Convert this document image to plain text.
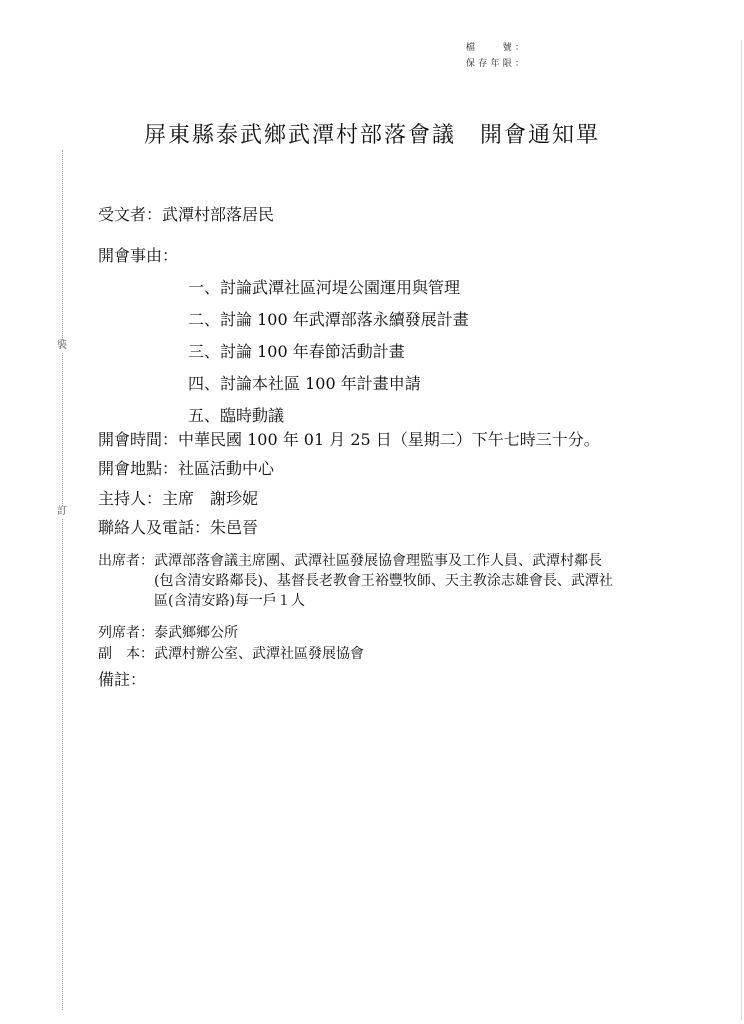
裝
訂
檔　　號：
保存年限：
屏東縣泰武鄉武潭村部落會議　開會通知單
受文者：武潭村部落居民
開會事由：
一、討論武潭社區河堤公園運用與管理
二、討論 100 年武潭部落永續發展計畫
三、討論 100 年春節活動計畫
四、討論本社區 100 年計畫申請
五、臨時動議
開會時間：中華民國 100 年 01 月 25 日（星期二）下午七時三十分。
開會地點：社區活動中心
主持人：主席　謝珍妮
聯絡人及電話：朱邑晉
出席者： 武潭部落會議主席團、武潭社區發展協會理監事及工作人員、武潭村鄰長(包含清安路鄰長)、基督長老教會王裕豐牧師、天主教涂志雄會長、武潭社區(含清安路)每一戶１人
列席者：泰武鄉鄉公所
副　本：武潭村辦公室、武潭社區發展協會
備註：
